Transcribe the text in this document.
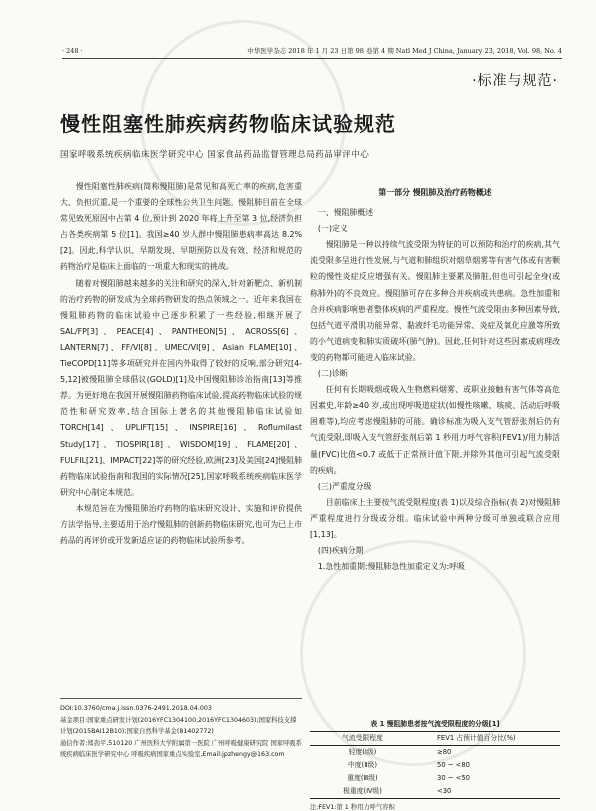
· 248 ·	中华医学杂志 2018 年 1 月 23 日第 98 卷第 4 期 Natl Med J China, January 23, 2018, Vol. 98, No. 4
·标准与规范·
慢性阻塞性肺疾病药物临床试验规范
国家呼吸系统疾病临床医学研究中心 国家食品药品监督管理总局药品审评中心

慢性阻塞性肺疾病(简称慢阻肺)是常见和高死亡率的疾病,危害重大、负担沉重,是一个重要的全球性公共卫生问题。慢阻肺目前在全球常见致死原因中占第 4 位,预计到 2020 年将上升至第 3 位,经济负担占各类疾病第 5 位[1]。我国≥40 岁人群中慢阻肺患病率高达 8.2%[2]。因此,科学认识、早期发现、早期预防以及有效、经济和规范的药物治疗是临床上面临的一项重大和现实的挑战。

随着对慢阻肺越来越多的关注和研究的深入,针对新靶点、新机制的治疗药物的研发成为全球药物研发的热点领域之一。近年来我国在慢阻肺药物的临床试验中已逐步积累了一些经验,相继开展了 SAL/FP[3]、PEACE[4]、PANTHEON[5]、ACROSS[6]、LANTERN[7]、FF/VI[8]、UMEC/VI[9]、Asian FLAME[10]、TieCOPD[11]等多项研究并在国内外取得了较好的反响,部分研究[4-5,12]被慢阻肺全球倡议(GOLD)[1]及中国慢阻肺诊治指南[13]等推荐。为更好地在我国开展慢阻肺药物临床试验,提高药物临床试验的规范性和研究效率,结合国际上著名的其他慢阻肺临床试验如 TORCH[14]、UPLIFT[15]、INSPIRE[16]、Roflumilast Study[17]、TIOSPIR[18]、WISDOM[19]、FLAME[20]、FULFIL[21]、IMPACT[22]等的研究经验,欧洲[23]及美国[24]慢阻肺药物临床试验指南和我国的实际情况[25],国家呼吸系统疾病临床医学研究中心制定本规范。

本规范旨在为慢阻肺治疗药物的临床研究设计、实施和评价提供方法学指导,主要适用于治疗慢阻肺的创新药物临床研究,也可为已上市药品的再评价或开发新适应证的药物临床试验所参考。

DOI:10.3760/cma.j.issn.0376-2491.2018.04.003
基金项目:国家重点研发计划(2016YFC1304100,2016YFC1304603);国家科技支撑计划(2015BAI12B10);国家自然科学基金(81402772)
通信作者:郑劲平,510120 广州医科大学附属第一医院 广州呼吸健康研究院 国家呼吸系统疾病临床医学研究中心 呼吸疾病国家重点实验室,Email:jpzhengy@163.com

第一部分 慢阻肺及治疗药物概述

一、慢阻肺概述

(一)定义

慢阻肺是一种以持续气流受限为特征的可以预防和治疗的疾病,其气流受限多呈进行性发展,与气道和肺组织对烟草烟雾等有害气体或有害颗粒的慢性炎症反应增强有关。慢阻肺主要累及肺脏,但也可引起全身(或称肺外)的不良效应。慢阻肺可存在多种合并疾病或共患病。急性加重和合并疾病影响患者整体疾病的严重程度。慢性气流受限由多种因素导致,包括气道平滑肌功能异常、黏液纤毛功能异常、炎症及氧化应激等所致的小气道病变和肺实质破坏(肺气肿)。因此,任何针对这些因素或病理改变的药物都可能进入临床试验。

(二)诊断

任何有长期吸烟或吸入生物燃料烟雾、或职业接触有害气体等高危因素史,年龄≥40 岁,或出现呼吸道症状(如慢性咳嗽、咳痰、活动后呼吸困难等),均应考虑慢阻肺的可能。确诊标准为吸入支气管舒张剂后仍有气流受限,即吸入支气管舒张剂后第 1 秒用力呼气容积(FEV1)/用力肺活量(FVC)比值<0.7 或低于正常预计值下限,并除外其他可引起气流受限的疾病。

(三)严重度分级

目前临床上主要按气流受限程度(表 1)以及综合指标(表 2)对慢阻肺严重程度进行分级或分组。临床试验中两种分级可单独或联合应用[1,13]。

(四)疾病分期

1.急性加重期:慢阻肺急性加重定义为:呼吸

表 1 慢阻肺患者按气流受限程度的分级[1]
气流受限程度	FEV1 占预计值百分比(%)
轻度(Ⅰ级)	≥80
中度(Ⅱ级)	50 ~ <80
重度(Ⅲ级)	30 ~ <50
极重度(Ⅳ级)	<30
注:FEV1:第 1 秒用力呼气容积
